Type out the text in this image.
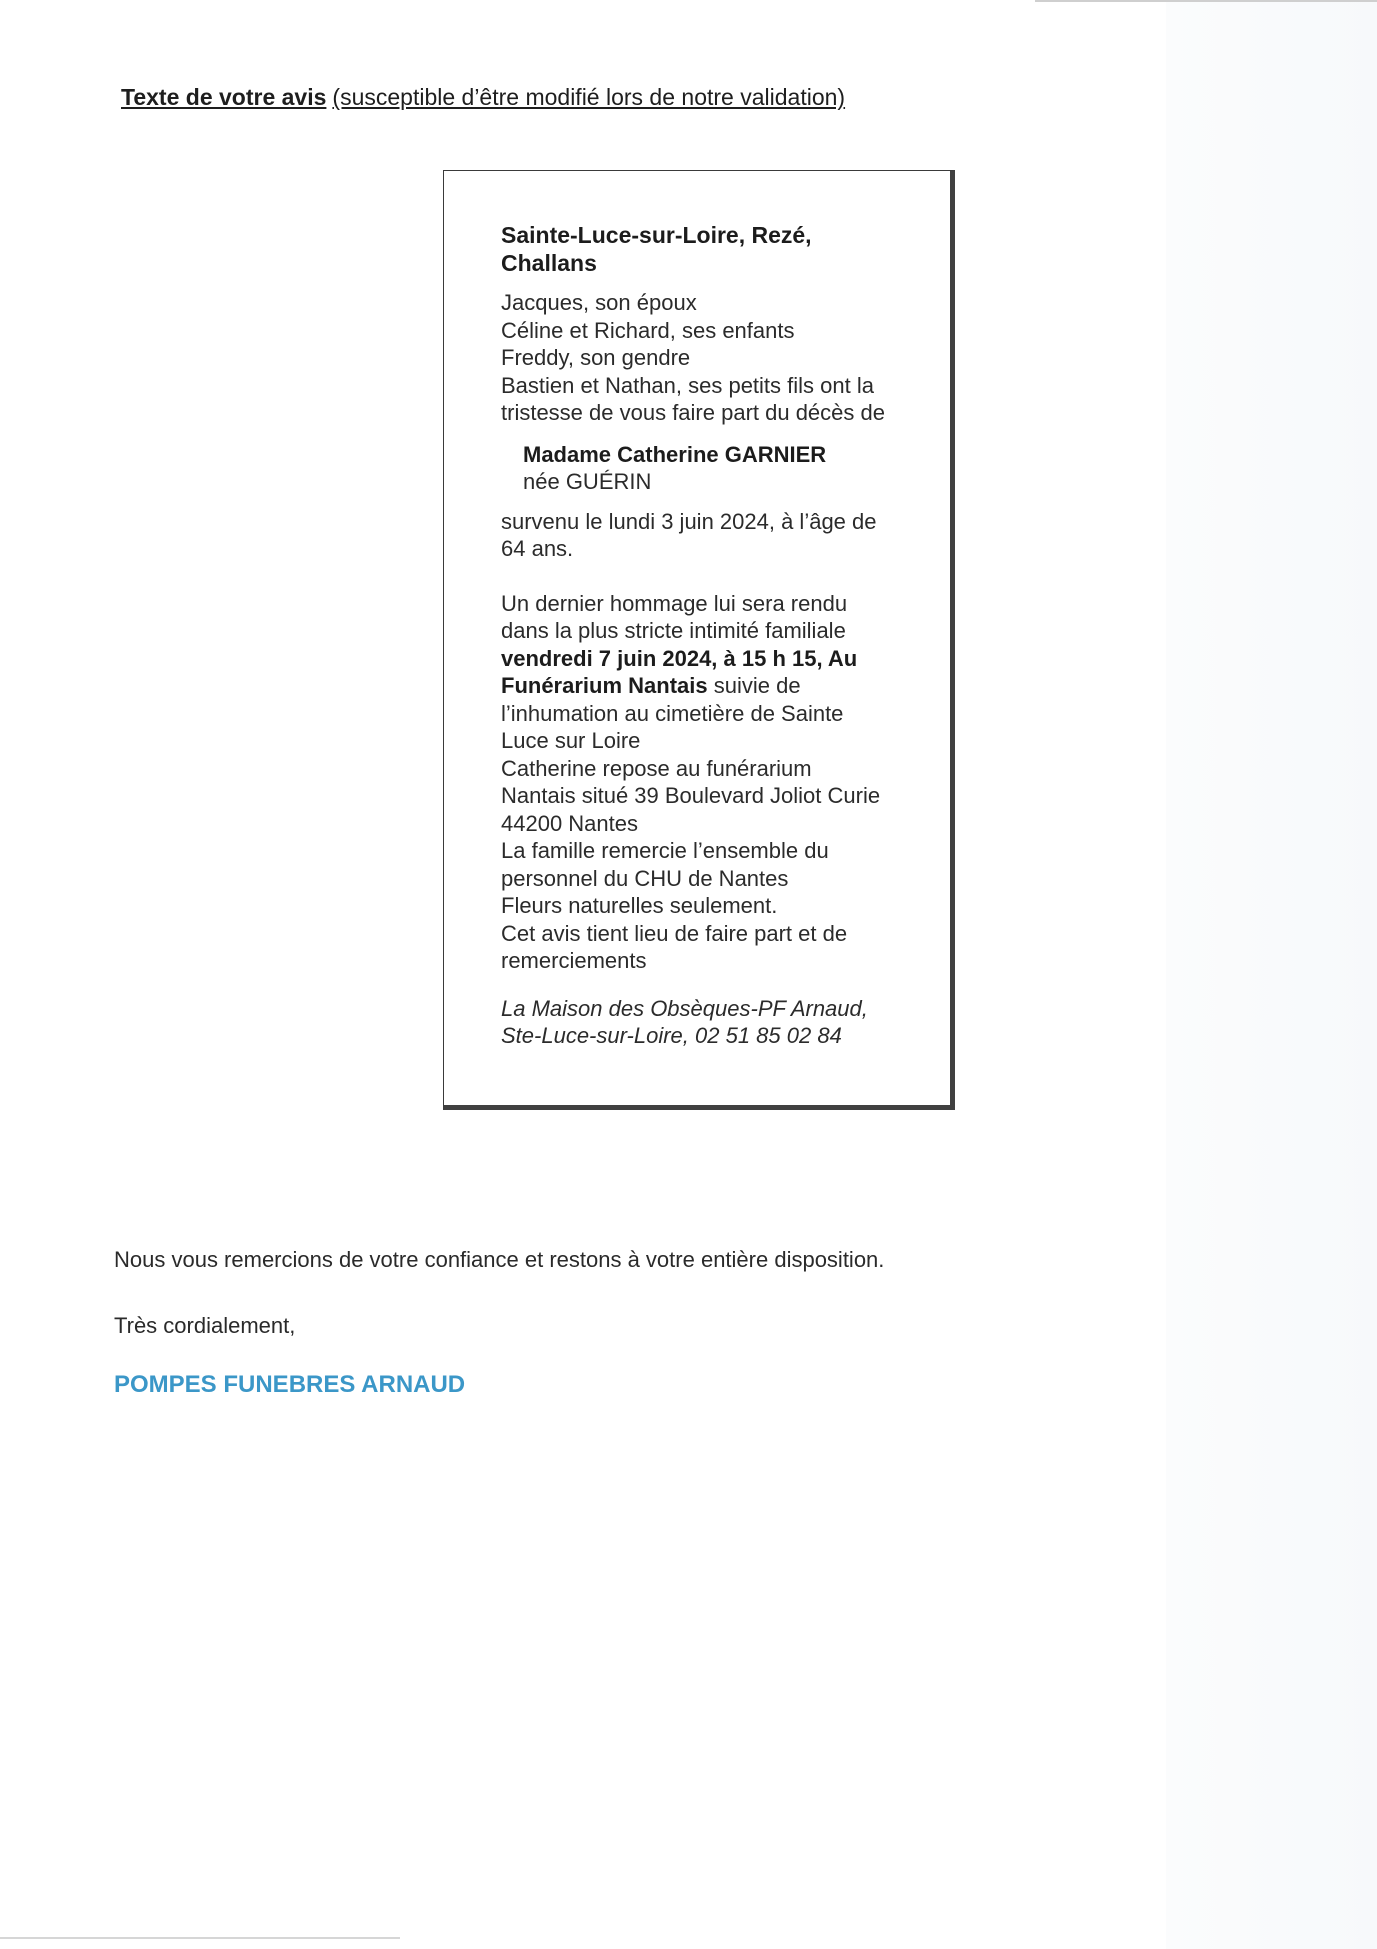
Texte de votre avis (susceptible d’être modifié lors de notre validation)
Sainte-Luce-sur-Loire, Rezé,
Challans
Jacques, son époux
Céline et Richard, ses enfants
Freddy, son gendre
Bastien et Nathan, ses petits fils ont la
tristesse de vous faire part du décès de
Madame Catherine GARNIER
née GUÉRIN
survenu le lundi 3 juin 2024, à l’âge de
64 ans.
Un dernier hommage lui sera rendu
dans la plus stricte intimité familiale
vendredi 7 juin 2024, à 15 h 15, Au
Funérarium Nantais suivie de
l’inhumation au cimetière de Sainte
Luce sur Loire
Catherine repose au funérarium
Nantais situé 39 Boulevard Joliot Curie
44200 Nantes
La famille remercie l’ensemble du
personnel du CHU de Nantes
Fleurs naturelles seulement.
Cet avis tient lieu de faire part et de
remerciements
La Maison des Obsèques-PF Arnaud,
Ste-Luce-sur-Loire, 02 51 85 02 84
Nous vous remercions de votre confiance et restons à votre entière disposition.
Très cordialement,
POMPES FUNEBRES ARNAUD
